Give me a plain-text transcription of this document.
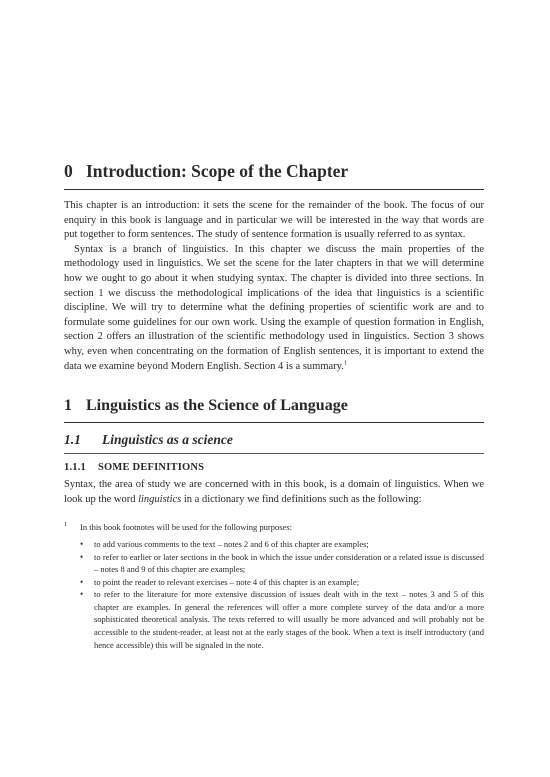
0 Introduction: Scope of the Chapter

This chapter is an introduction: it sets the scene for the remainder of the book. The focus of our enquiry in this book is language and in particular we will be interested in the way that words are put together to form sentences. The study of sentence formation is usually referred to as syntax.

Syntax is a branch of linguistics. In this chapter we discuss the main properties of the methodology used in linguistics. We set the scene for the later chapters in that we will determine how we ought to go about it when studying syntax. The chapter is divided into three sections. In section 1 we discuss the methodological implications of the idea that linguistics is a scientific discipline. We will try to determine what the defining properties of scientific work are and to formulate some guidelines for our own work. Using the example of question formation in English, section 2 offers an illustration of the scientific methodology used in linguistics. Section 3 shows why, even when concentrating on the formation of English sentences, it is important to extend the data we examine beyond Modern English. Section 4 is a summary.$^1$

1 Linguistics as the Science of Language
1.1 Linguistics as a science
1.1.1 SOME DEFINITIONS

Syntax, the area of study we are concerned with in this book, is a domain of linguistics. When we look up the word linguistics in a dictionary we find definitions such as the following:

1	In this book footnotes will be used for the following purposes:
• to add various comments to the text – notes 2 and 6 of this chapter are examples;
• to refer to earlier or later sections in the book in which the issue under consideration or a related issue is discussed – notes 8 and 9 of this chapter are examples;
• to point the reader to relevant exercises – note 4 of this chapter is an example;
• to refer to the literature for more extensive discussion of issues dealt with in the text – notes 3 and 5 of this chapter are examples. In general the references will offer a more complete survey of the data and/or a more sophisticated theoretical analysis. The texts referred to will usually be more advanced and will probably not be accessible to the student-reader, at least not at the early stages of the book. When a text is itself introductory (and hence accessible) this will be signaled in the note.
